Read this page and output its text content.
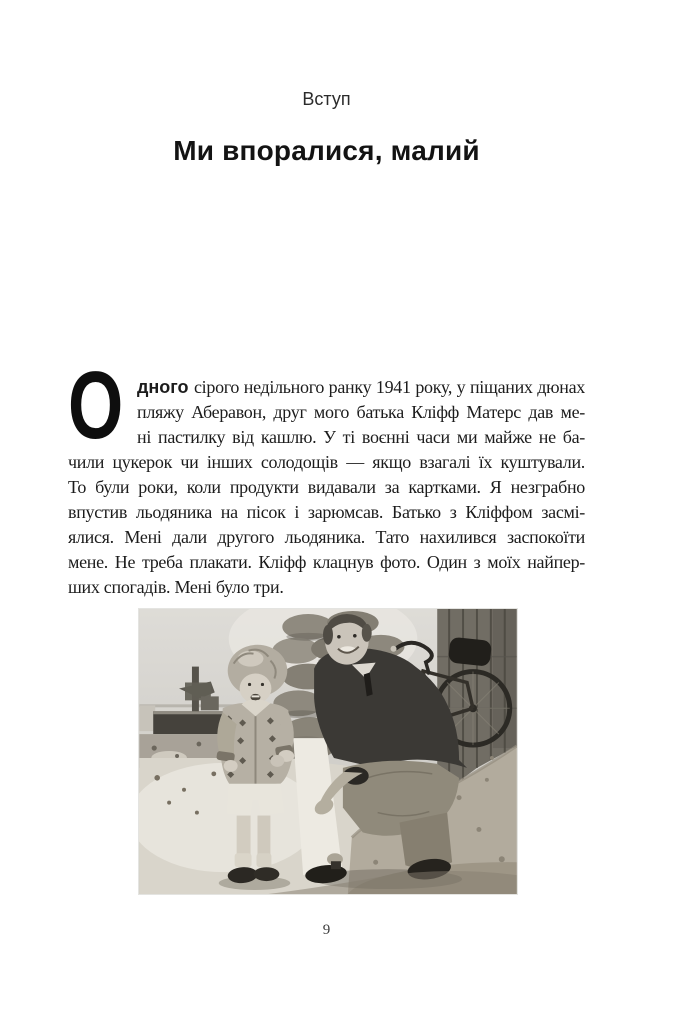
Вступ
Ми впоралися, малий
О дного сірого недільного ранку 1941 року, у піщаних дюнах
пляжу Аберавон, друг мого батька Кліфф Матерс дав ме-
ні пастилку від кашлю. У ті воєнні часи ми майже не ба-
чили цукерок чи інших солодощів — якщо взагалі їх куштували.
То були роки, коли продукти видавали за картками. Я незграбно
впустив льодяника на пісок і зарюмсав. Батько з Кліффом засмі-
ялися. Мені дали другого льодяника. Тато нахилився заспокоїти
мене. Не треба плакати. Кліфф клацнув фото. Один з моїх найпер-
ших спогадів. Мені було три.
9
